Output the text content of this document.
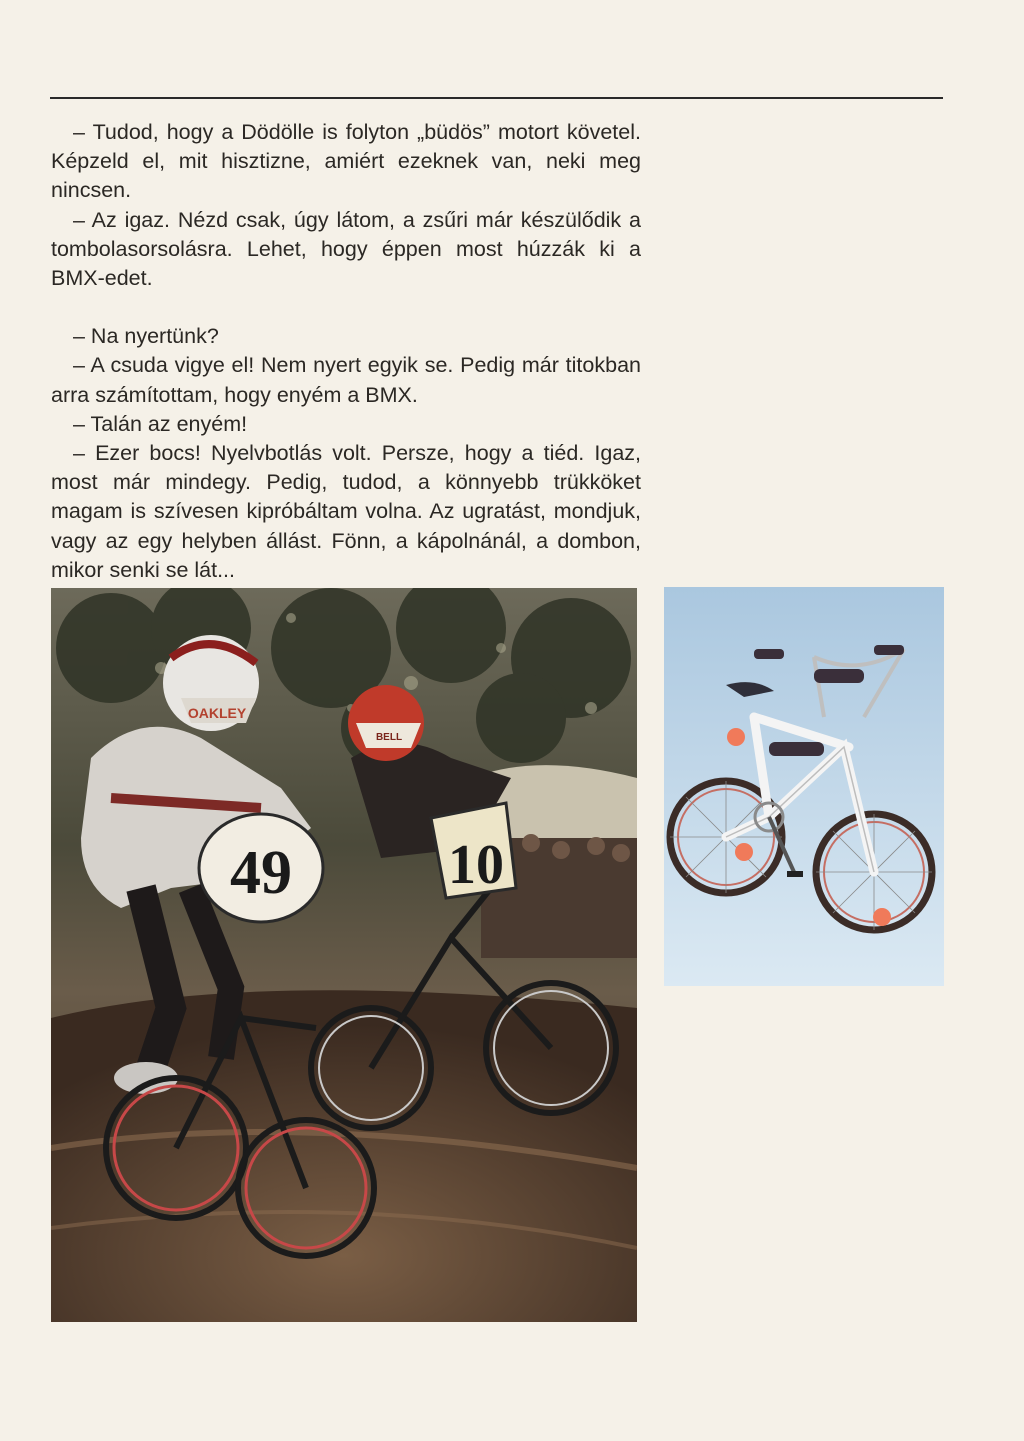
– Tudod, hogy a Dödölle is folyton „büdös” motort követel. Képzeld el, mit hisztizne, amiért ezeknek van, neki meg nincsen.

– Az igaz. Nézd csak, úgy látom, a zsűri már készülődik a tombolasorsolásra. Lehet, hogy éppen most húzzák ki a BMX-edet.

– Na nyertünk?

– A csuda vigye el! Nem nyert egyik se. Pedig már titokban arra számítottam, hogy enyém a BMX.

– Talán az enyém!

– Ezer bocs! Nyelvbotlás volt. Persze, hogy a tiéd. Igaz, most már mindegy. Pedig, tudod, a könnyebb trükköket magam is szívesen kipróbáltam volna. Az ugratást, mondjuk, vagy az egy helyben állást. Fönn, a kápolnánál, a dombon, mikor senki se lát...

OAKLEY
BELL
49	10
